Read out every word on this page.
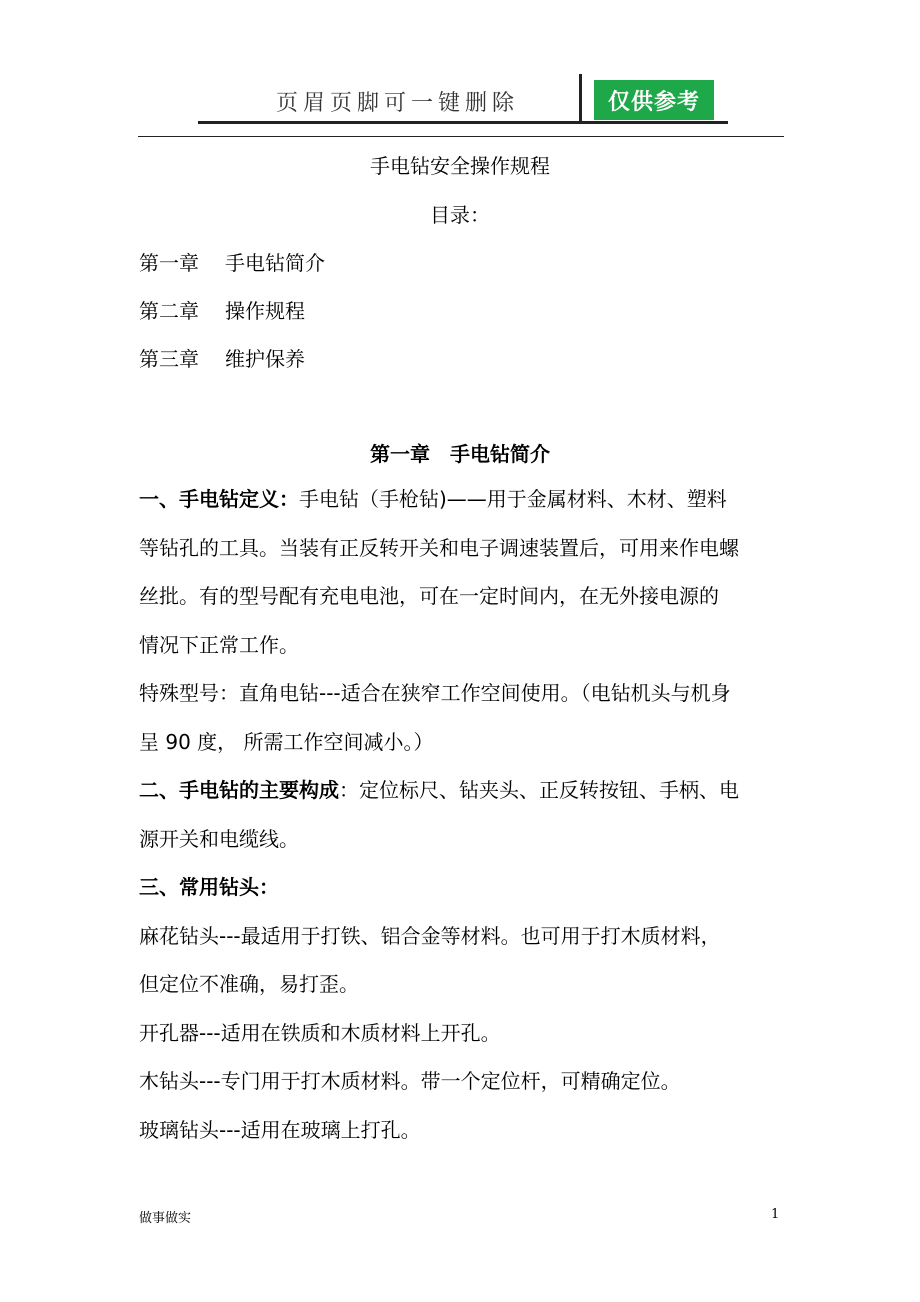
页眉页脚可一键删除	仅供参考
手电钻安全操作规程
目录：
第一章 手电钻简介
第二章 操作规程
第三章 维护保养
第一章 手电钻简介
一、手电钻定义：手电钻（手枪钻)——用于金属材料、木材、塑料
等钻孔的工具。当装有正反转开关和电子调速装置后，可用来作电螺
丝批。有的型号配有充电电池，可在一定时间内，在无外接电源的
情况下正常工作。
特殊型号：直角电钻---适合在狭窄工作空间使用。（电钻机头与机身
呈 90 度， 所需工作空间减小。）
二、手电钻的主要构成：定位标尺、钻夹头、正反转按钮、手柄、电
源开关和电缆线。
三、常用钻头：
麻花钻头---最适用于打铁、铝合金等材料。也可用于打木质材料，
但定位不准确，易打歪。
开孔器---适用在铁质和木质材料上开孔。
木钻头---专门用于打木质材料。带一个定位杆，可精确定位。
玻璃钻头---适用在玻璃上打孔。
做事做实	1
